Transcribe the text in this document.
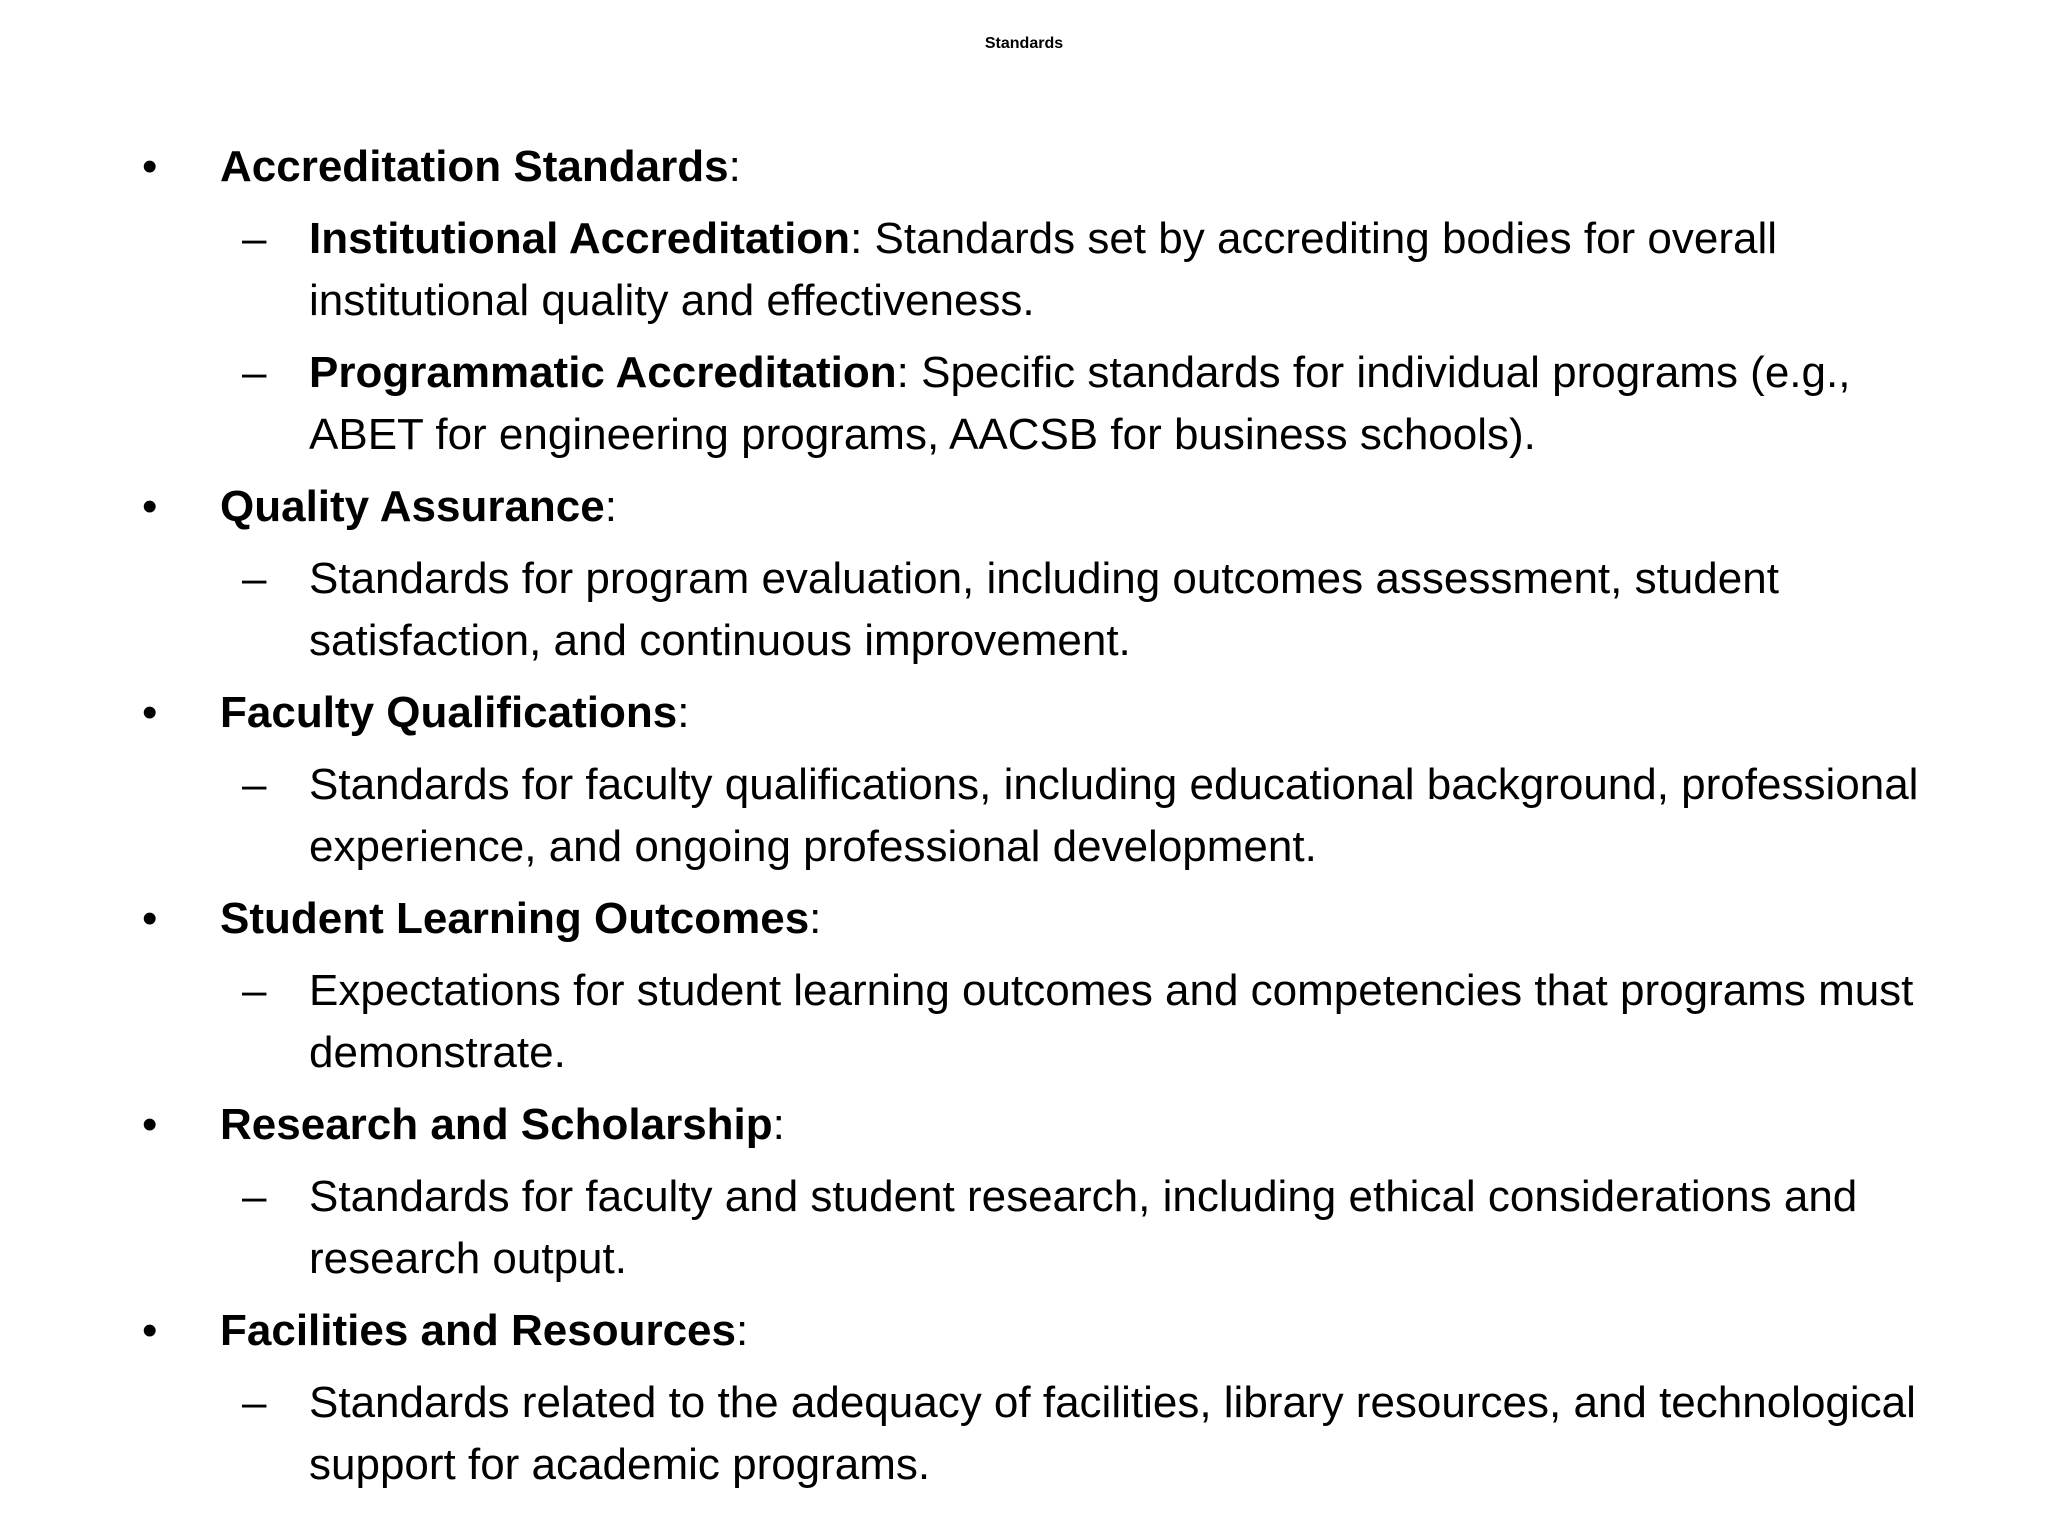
Standards
• Accreditation Standards:
– Institutional Accreditation: Standards set by accrediting bodies for overall institutional quality and effectiveness.
– Programmatic Accreditation: Specific standards for individual programs (e.g., ABET for engineering programs, AACSB for business schools).
• Quality Assurance:
– Standards for program evaluation, including outcomes assessment, student satisfaction, and continuous improvement.
• Faculty Qualifications:
– Standards for faculty qualifications, including educational background, professional experience, and ongoing professional development.
• Student Learning Outcomes:
– Expectations for student learning outcomes and competencies that programs must demonstrate.
• Research and Scholarship:
– Standards for faculty and student research, including ethical considerations and research output.
• Facilities and Resources:
– Standards related to the adequacy of facilities, library resources, and technological support for academic programs.
